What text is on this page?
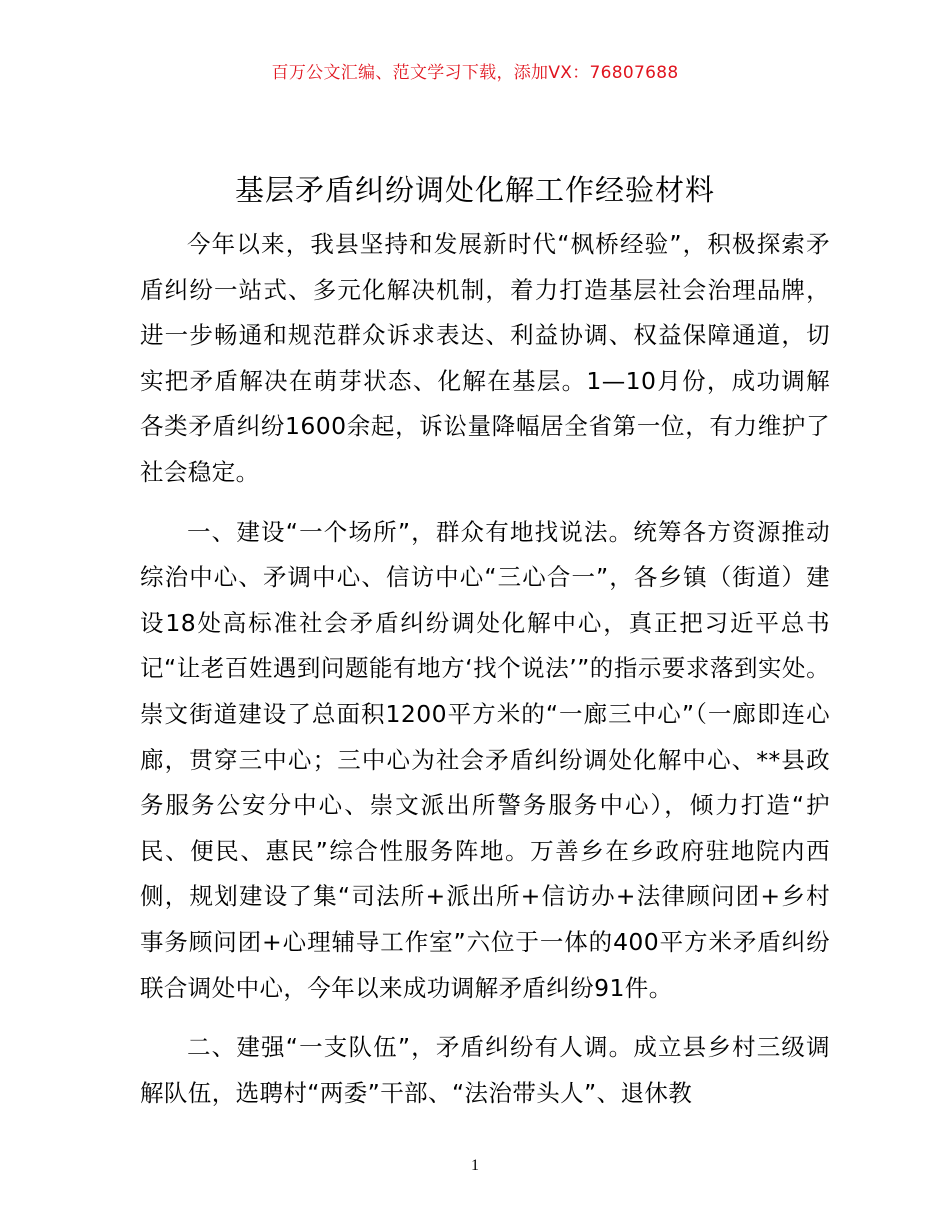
百万公文汇编、范文学习下载，添加VX：76807688
基层矛盾纠纷调处化解工作经验材料

今年以来，我县坚持和发展新时代“枫桥经验”，积极探索矛盾纠纷一站式、多元化解决机制，着力打造基层社会治理品牌，进一步畅通和规范群众诉求表达、利益协调、权益保障通道，切实把矛盾解决在萌芽状态、化解在基层。1—10月份，成功调解各类矛盾纠纷1600余起，诉讼量降幅居全省第一位，有力维护了社会稳定。

一、建设“一个场所”，群众有地找说法。统筹各方资源推动综治中心、矛调中心、信访中心“三心合一”，各乡镇（街道）建设18处高标准社会矛盾纠纷调处化解中心，真正把习近平总书记“让老百姓遇到问题能有地方‘找个说法’”的指示要求落到实处。崇文街道建设了总面积1200平方米的“一廊三中心”（一廊即连心廊，贯穿三中心；三中心为社会矛盾纠纷调处化解中心、**县政务服务公安分中心、崇文派出所警务服务中心），倾力打造“护民、便民、惠民”综合性服务阵地。万善乡在乡政府驻地院内西侧，规划建设了集“司法所+派出所+信访办+法律顾问团+乡村事务顾问团+心理辅导工作室”六位于一体的400平方米矛盾纠纷联合调处中心，今年以来成功调解矛盾纠纷91件。

二、建强“一支队伍”，矛盾纠纷有人调。成立县乡村三级调解队伍，选聘村“两委”干部、“法治带头人”、退休教

1
